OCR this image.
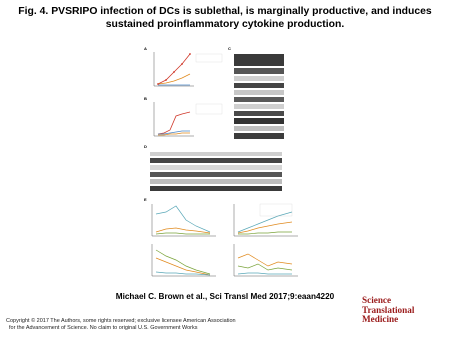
Fig. 4. PVSRIPO infection of DCs is sublethal, is marginally productive, and induces sustained proinflammatory cytokine production.
A
B
C
D
E
Michael C. Brown et al., Sci Transl Med 2017;9:eaan4220
Copyright © 2017 The Authors, some rights reserved; exclusive licensee American Association
for the Advancement of Science. No claim to original U.S. Government Works
Science
Translational
Medicine
